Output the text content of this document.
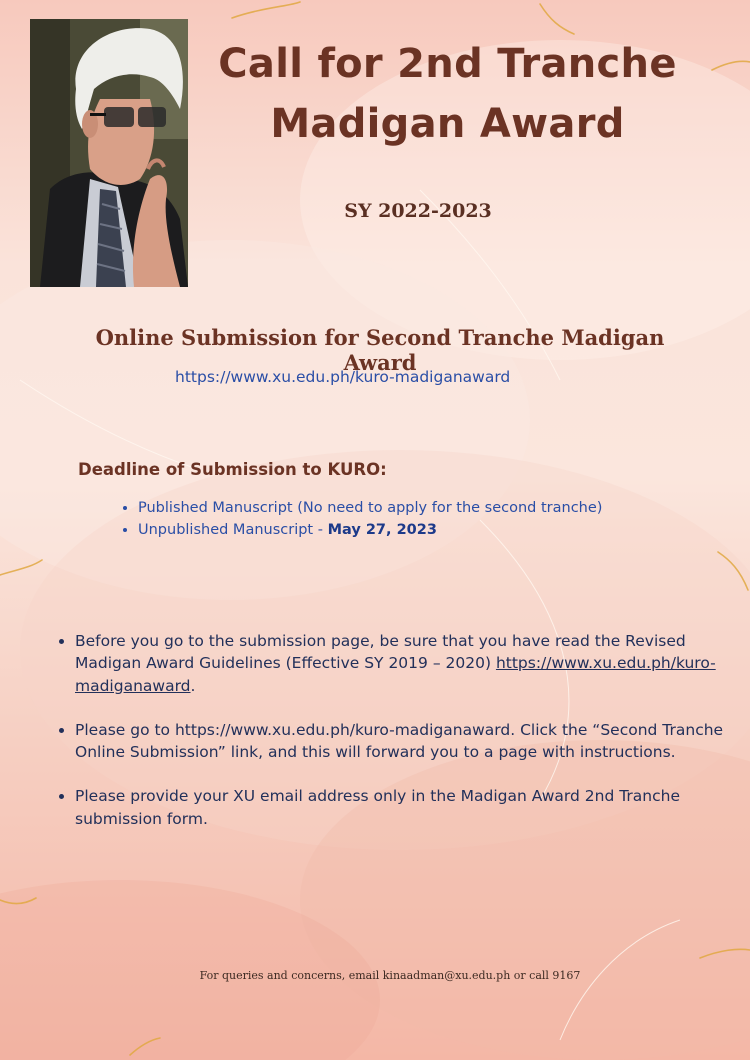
Call for 2nd Tranche
Madigan Award
SY 2022-2023
Online Submission for Second Tranche Madigan Award
https://www.xu.edu.ph/kuro-madiganaward
Deadline of Submission to KURO:
• Published Manuscript (No need to apply for the second tranche)
• Unpublished Manuscript - May 27, 2023
• Before you go to the submission page, be sure that you have read the Revised Madigan Award Guidelines (Effective SY 2019 – 2020) https://www.xu.edu.ph/kuro-madiganaward.
• Please go to https://www.xu.edu.ph/kuro-madiganaward. Click the “Second Tranche Online Submission” link, and this will forward you to a page with instructions.
• Please provide your XU email address only in the Madigan Award 2nd Tranche submission form.
For queries and concerns, email kinaadman@xu.edu.ph or call 9167
